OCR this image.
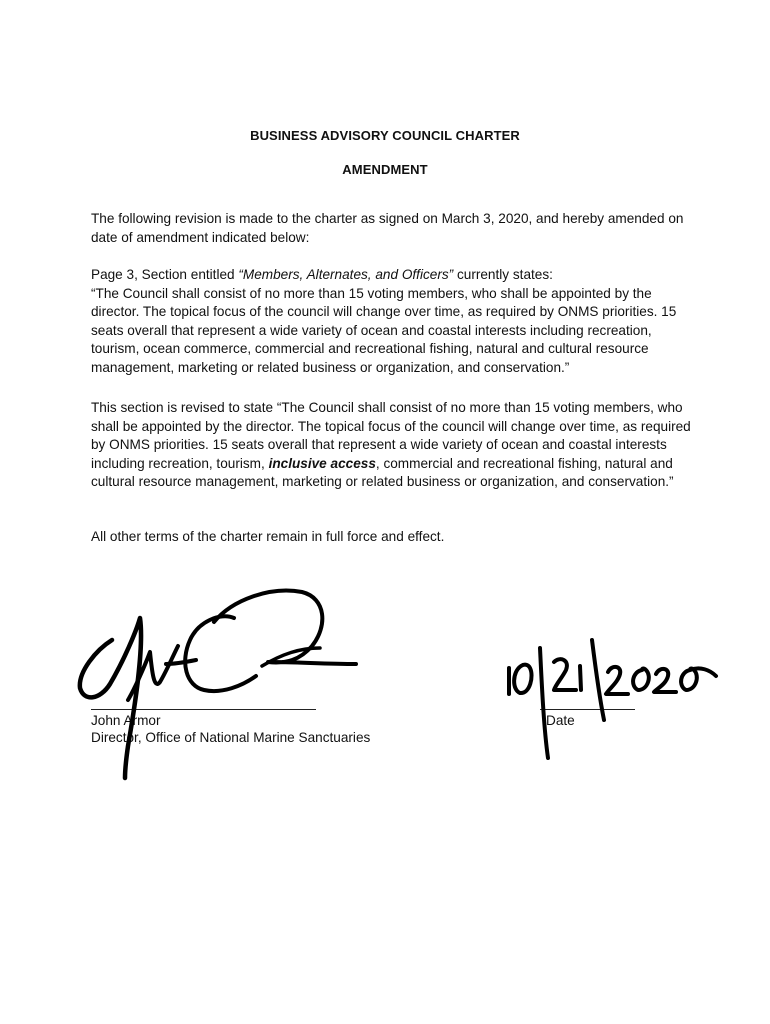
BUSINESS ADVISORY COUNCIL CHARTER
AMENDMENT
The following revision is made to the charter as signed on March 3, 2020, and hereby amended on date of amendment indicated below:
Page 3, Section entitled “Members, Alternates, and Officers” currently states:
“The Council shall consist of no more than 15 voting members, who shall be appointed by the director. The topical focus of the council will change over time, as required by ONMS priorities. 15 seats overall that represent a wide variety of ocean and coastal interests including recreation, tourism, ocean commerce, commercial and recreational fishing, natural and cultural resource management, marketing or related business or organization, and conservation.”
This section is revised to state “The Council shall consist of no more than 15 voting members, who shall be appointed by the director. The topical focus of the council will change over time, as required by ONMS priorities. 15 seats overall that represent a wide variety of ocean and coastal interests including recreation, tourism, inclusive access, commercial and recreational fishing, natural and cultural resource management, marketing or related business or organization, and conservation.”
All other terms of the charter remain in full force and effect.
John Armor
Director, Office of National Marine Sanctuaries
Date
